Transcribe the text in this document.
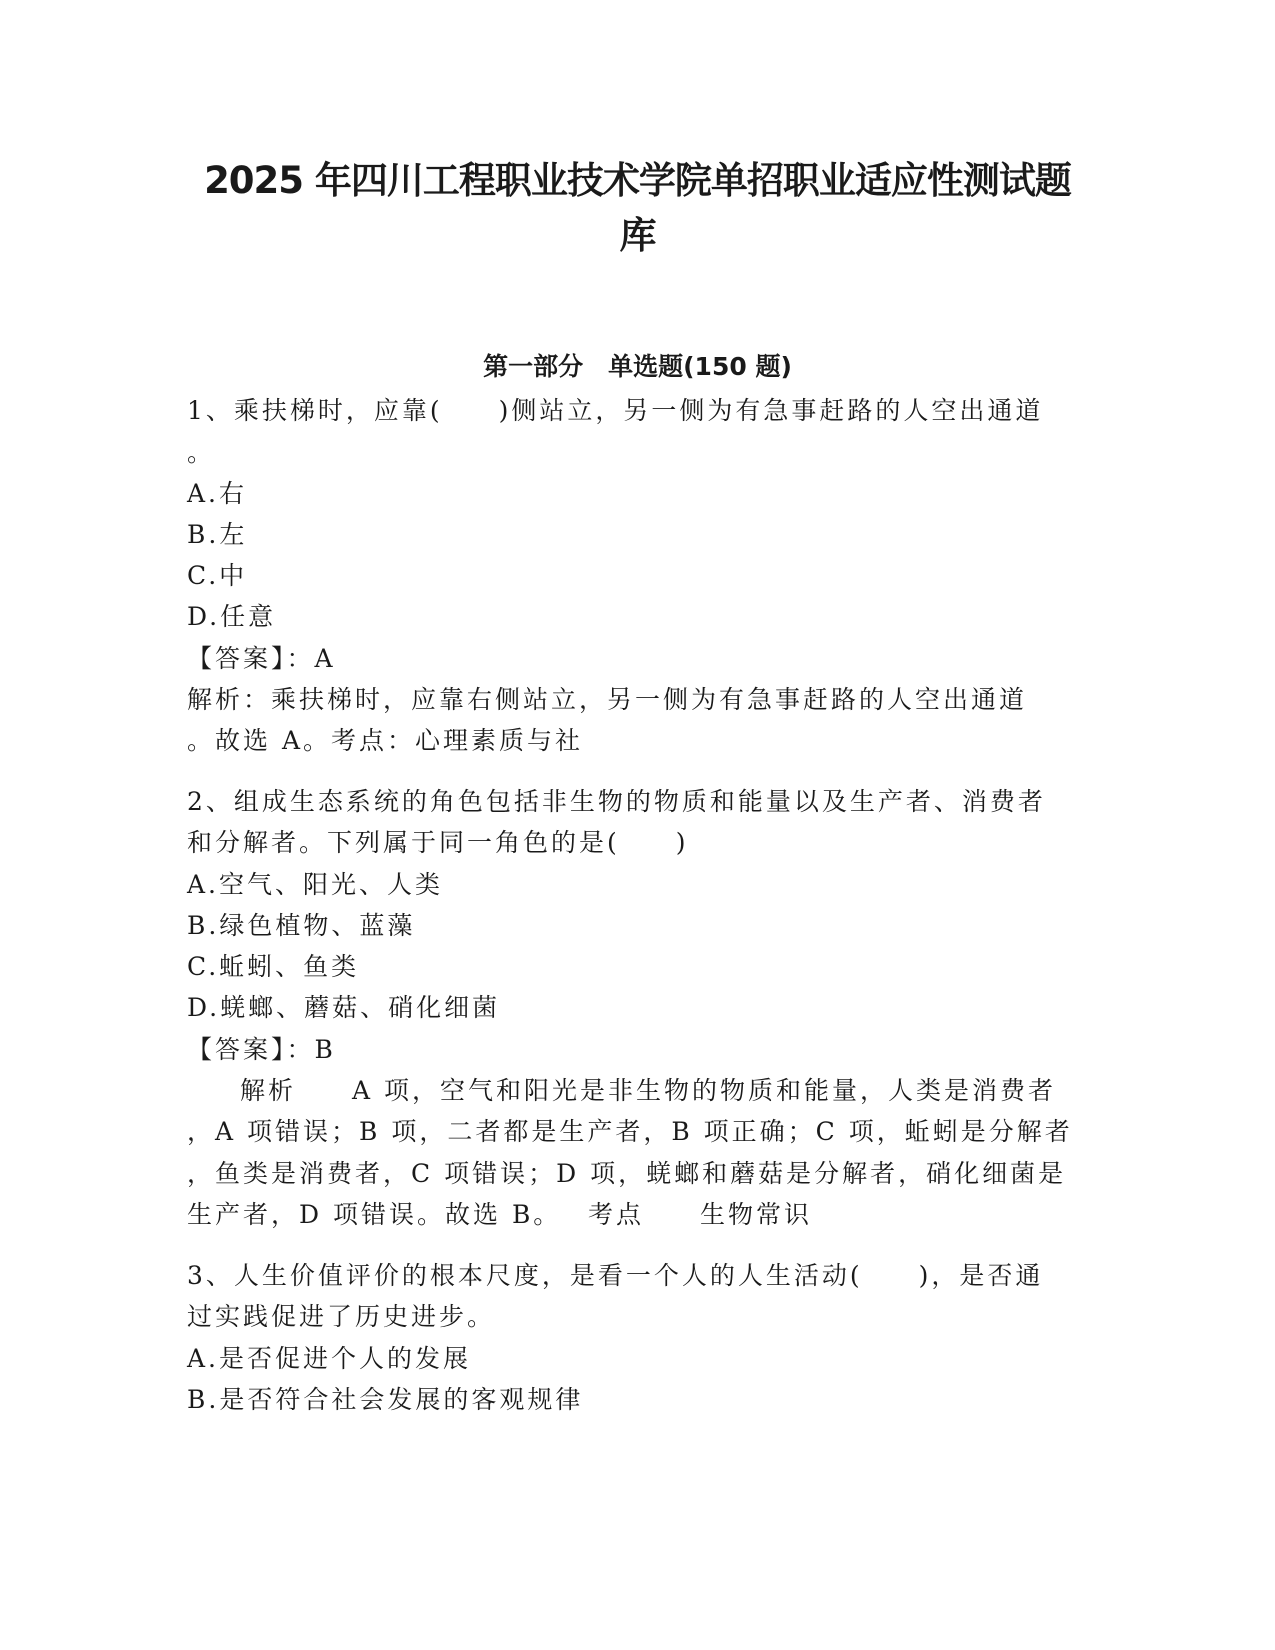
2025 年四川工程职业技术学院单招职业适应性测试题
库
第一部分　单选题(150 题)
1、乘扶梯时，应靠(　　)侧站立，另一侧为有急事赶路的人空出通道
。
A.右
B.左
C.中
D.任意
【答案】：A
解析：乘扶梯时，应靠右侧站立，另一侧为有急事赶路的人空出通道
。故选 A。考点：心理素质与社
2、组成生态系统的角色包括非生物的物质和能量以及生产者、消费者
和分解者。下列属于同一角色的是(　　)
A.空气、阳光、人类
B.绿色植物、蓝藻
C.蚯蚓、鱼类
D.蜣螂、蘑菇、硝化细菌
【答案】：B
解析 A 项，空气和阳光是非生物的物质和能量，人类是消费者
，A 项错误；B 项，二者都是生产者，B 项正确；C 项，蚯蚓是分解者
，鱼类是消费者，C 项错误；D 项，蜣螂和蘑菇是分解者，硝化细菌是
生产者，D 项错误。故选 B。 考点 生物常识
3、人生价值评价的根本尺度，是看一个人的人生活动(　　)，是否通
过实践促进了历史进步。
A.是否促进个人的发展
B.是否符合社会发展的客观规律
